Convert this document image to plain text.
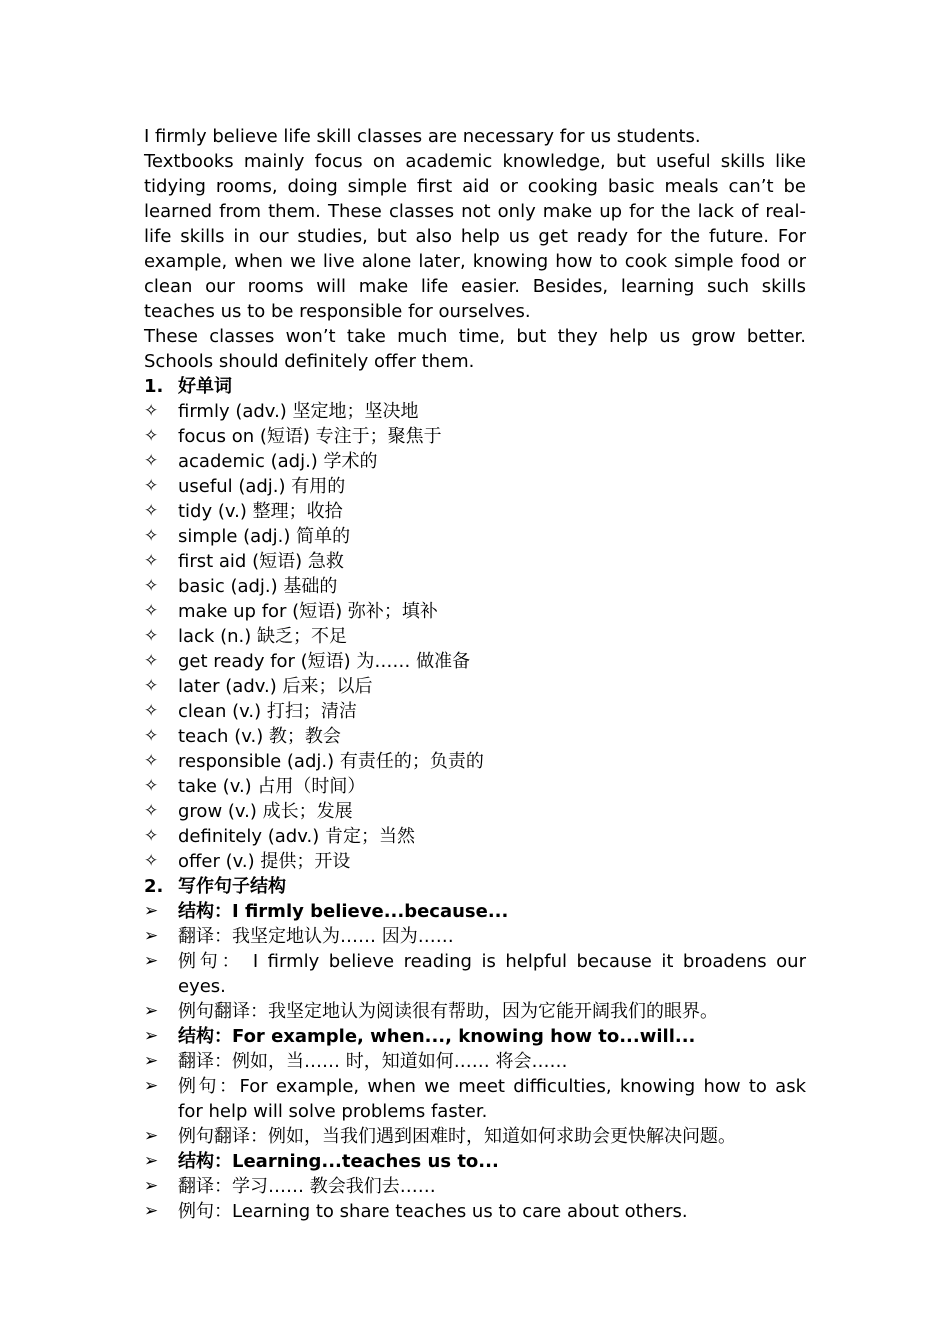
I firmly believe life skill classes are necessary for us students.

Textbooks mainly focus on academic knowledge, but useful skills like tidying rooms, doing simple first aid or cooking basic meals can’t be learned from them. These classes not only make up for the lack of real-life skills in our studies, but also help us get ready for the future. For example, when we live alone later, knowing how to cook simple food or clean our rooms will make life easier. Besides, learning such skills teaches us to be responsible for ourselves.

These classes won’t take much time, but they help us grow better. Schools should definitely offer them.

1. 好单词
✧	firmly (adv.) 坚定地；坚决地
✧	focus on (短语) 专注于；聚焦于
✧	academic (adj.) 学术的
✧	useful (adj.) 有用的
✧	tidy (v.) 整理；收拾
✧	simple (adj.) 简单的
✧	first aid (短语) 急救
✧	basic (adj.) 基础的
✧	make up for (短语) 弥补；填补
✧	lack (n.) 缺乏；不足
✧	get ready for (短语) 为…… 做准备
✧	later (adv.) 后来；以后
✧	clean (v.) 打扫；清洁
✧	teach (v.) 教；教会
✧	responsible (adj.) 有责任的；负责的
✧	take (v.) 占用（时间）
✧	grow (v.) 成长；发展
✧	definitely (adv.) 肯定；当然
✧	offer (v.) 提供；开设
2. 写作句子结构
➢	结构：I firmly believe...because...
➢	翻译：我坚定地认为…… 因为……
➢	例句： I firmly believe reading is helpful because it broadens our eyes.
➢	例句翻译：我坚定地认为阅读很有帮助，因为它能开阔我们的眼界。
➢	结构：For example, when..., knowing how to...will...
➢	翻译：例如，当…… 时，知道如何…… 将会……
➢	例句：For example, when we meet difficulties, knowing how to ask for help will solve problems faster.
➢	例句翻译：例如，当我们遇到困难时，知道如何求助会更快解决问题。
➢	结构：Learning...teaches us to...
➢	翻译：学习…… 教会我们去……
➢	例句：Learning to share teaches us to care about others.
